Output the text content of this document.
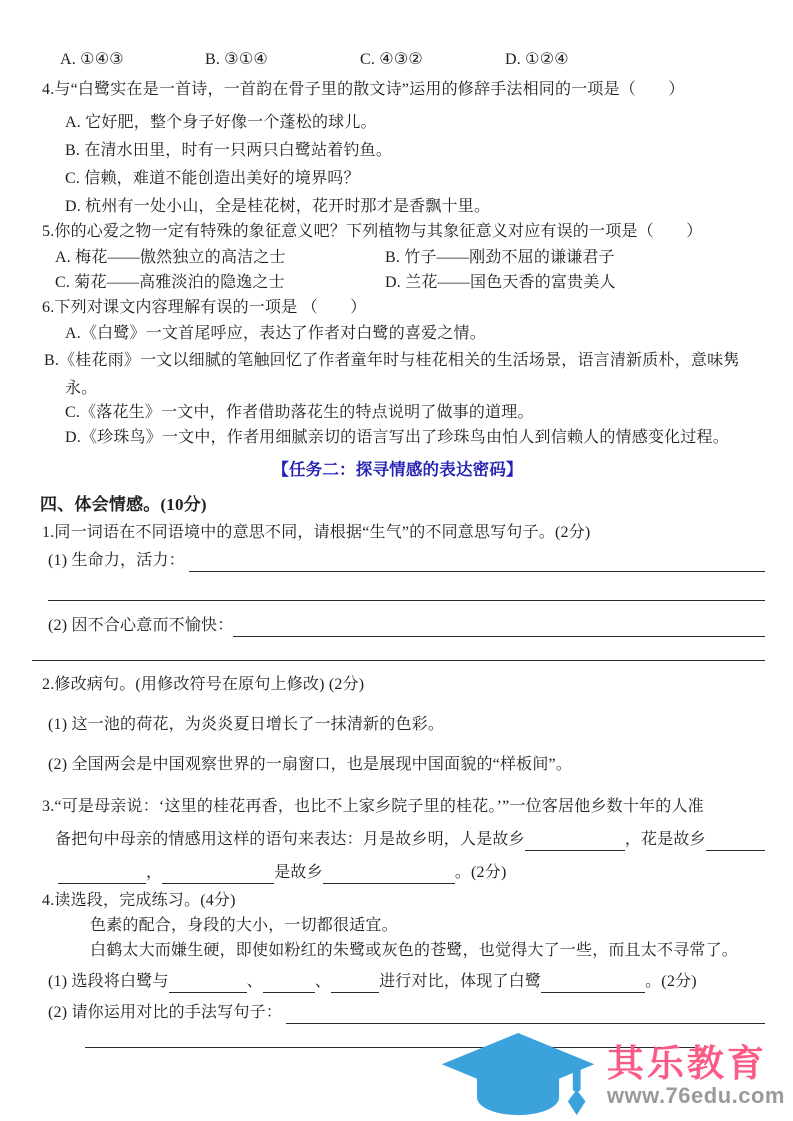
A. ①④③	B. ③①④	C. ④③②	D. ①②④
4.与“白鹭实在是一首诗，一首韵在骨子里的散文诗”运用的修辞手法相同的一项是（　　）
A. 它好肥，整个身子好像一个蓬松的球儿。
B. 在清水田里，时有一只两只白鹭站着钓鱼。
C. 信赖，难道不能创造出美好的境界吗？
D. 杭州有一处小山，全是桂花树，花开时那才是香飘十里。
5.你的心爱之物一定有特殊的象征意义吧？下列植物与其象征意义对应有误的一项是（　　）
A. 梅花——傲然独立的高洁之士	B. 竹子——刚劲不屈的谦谦君子
C. 菊花——高雅淡泊的隐逸之士	D. 兰花——国色天香的富贵美人
6.下列对课文内容理解有误的一项是 （　　）
A.《白鹭》一文首尾呼应，表达了作者对白鹭的喜爱之情。
B.《桂花雨》一文以细腻的笔触回忆了作者童年时与桂花相关的生活场景，语言清新质朴，意味隽永。
C.《落花生》一文中，作者借助落花生的特点说明了做事的道理。
D.《珍珠鸟》一文中，作者用细腻亲切的语言写出了珍珠鸟由怕人到信赖人的情感变化过程。
【任务二：探寻情感的表达密码】
四、体会情感。(10分)
1.同一词语在不同语境中的意思不同，请根据“生气”的不同意思写句子。(2分)
(1) 生命力，活力：
(2) 因不合心意而不愉快：
2.修改病句。(用修改符号在原句上修改) (2分)
(1) 这一池的荷花，为炎炎夏日增长了一抹清新的色彩。
(2) 全国两会是中国观察世界的一扇窗口，也是展现中国面貌的“样板间”。
3.“可是母亲说：‘这里的桂花再香，也比不上家乡院子里的桂花。’”一位客居他乡数十年的人准
备把句中母亲的情感用这样的语句来表达：月是故乡明，人是故乡	，花是故乡
，	是故乡	。(2分)
4.读选段，完成练习。(4分)
色素的配合，身段的大小，一切都很适宜。
白鹤太大而嫌生硬，即使如粉红的朱鹭或灰色的苍鹭，也觉得大了一些，而且太不寻常了。
(1) 选段将白鹭与	、	、	进行对比，体现了白鹭	。(2分)
(2) 请你运用对比的手法写句子：
其乐教育
www.76edu.com
